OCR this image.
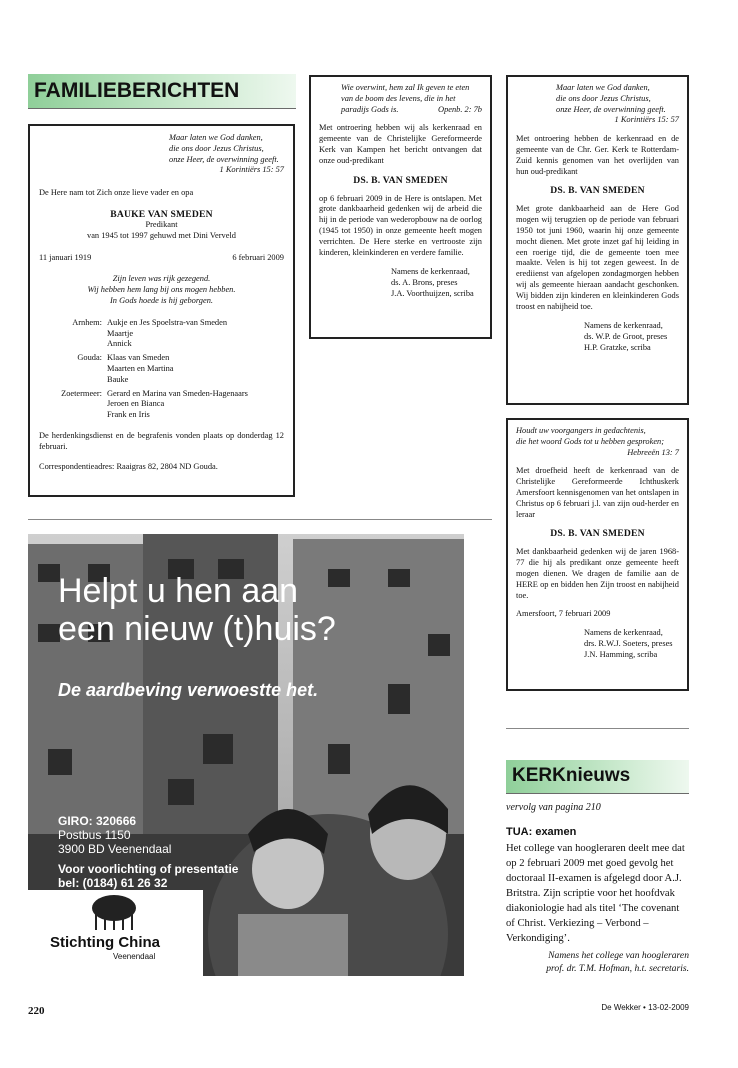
FAMILIEBERICHTEN
Maar laten we God danken,
die ons door Jezus Christus,
onze Heer, de overwinning geeft.
1 Korintiërs 15: 57
De Here nam tot Zich onze lieve vader en opa
BAUKE VAN SMEDEN
Predikant
van 1945 tot 1997 gehuwd met Dini Verveld
11 januari 1919	6 februari 2009
Zijn leven was rijk gezegend.
Wij hebben hem lang bij ons mogen hebben.
In Gods hoede is hij geborgen.
Arnhem: Aukje en Jes Spoelstra-van Smeden
Maartje
Annick
Gouda: Klaas van Smeden
Maarten en Martina
Bauke
Zoetermeer: Gerard en Marina van Smeden-Hagenaars
Jeroen en Bianca
Frank en Iris
De herdenkingsdienst en de begrafenis vonden plaats op donderdag 12 februari.
Correspondentieadres: Raaigras 82, 2804 ND Gouda.
Wie overwint, hem zal Ik geven te eten
van de boom des levens, die in het
paradijs Gods is.	Openb. 2: 7b
Met ontroering hebben wij als kerkenraad en gemeente van de Christelijke Gereformeerde Kerk van Kampen het bericht ontvangen dat onze oud-predikant
DS. B. VAN SMEDEN
op 6 februari 2009 in de Here is ontslapen. Met grote dankbaarheid gedenken wij de arbeid die hij in de periode van wederopbouw na de oorlog (1945 tot 1950) in onze gemeente heeft mogen verrichten. De Here sterke en vertrooste zijn kinderen, kleinkinderen en verdere familie.
Namens de kerkenraad,
ds. A. Brons, preses
J.A. Voorthuijzen, scriba
Maar laten we God danken,
die ons door Jezus Christus,
onze Heer, de overwinning geeft.
1 Korintiërs 15: 57
Met ontroering hebben de kerkenraad en de gemeente van de Chr. Ger. Kerk te Rotterdam-Zuid kennis genomen van het overlijden van hun oud-predikant
DS. B. VAN SMEDEN
Met grote dankbaarheid aan de Here God mogen wij terugzien op de periode van februari 1950 tot juni 1960, waarin hij onze gemeente mocht dienen. Met grote inzet gaf hij leiding in een roerige tijd, die de gemeente toen mee maakte. Velen is hij tot zegen geweest. In de erediienst van afgelopen zondagmorgen hebben wij als gemeente hieraan aandacht geschonken. Wij bidden zijn kinderen en kleinkinderen Gods troost en nabijheid toe.
Namens de kerkenraad,
ds. W.P. de Groot, preses
H.P. Gratzke, scriba
Houdt uw voorgangers in gedachtenis,
die het woord Gods tot u hebben gesproken;
Hebreeën 13: 7
Met droefheid heeft de kerkenraad van de Christelijke Gereformeerde Ichthuskerk Amersfoort kennisgenomen van het ontslapen in Christus op 6 februari j.l. van zijn oud-herder en leraar
DS. B. VAN SMEDEN
Met dankbaarheid gedenken wij de jaren 1968-77 die hij als predikant onze gemeente heeft mogen dienen. We dragen de familie aan de HERE op en bidden hen Zijn troost en nabijheid toe.
Amersfoort, 7 februari 2009
Namens de kerkenraad,
drs. R.W.J. Soeters, preses
J.N. Hamming, scriba
Helpt u hen aan
een nieuw (t)huis?
De aardbeving verwoestte het.
GIRO: 320666
Postbus 1150
3900 BD Veenendaal
Voor voorlichting of presentatie
bel: (0184) 61 26 32
Stichting China
Veenendaal
KERKnieuws
vervolg van pagina 210
TUA: examen
Het college van hoogleraren deelt mee dat op 2 februari 2009 met goed gevolg het doctoraal II-examen is afgelegd door A.J. Britstra. Zijn scriptie voor het hoofdvak diakoniologie had als titel ‘The covenant of Christ. Verkiezing – Verbond – Verkondiging’.
Namens het college van hoogleraren
prof. dr. T.M. Hofman, h.t. secretaris.
220	De Wekker • 13-02-2009
